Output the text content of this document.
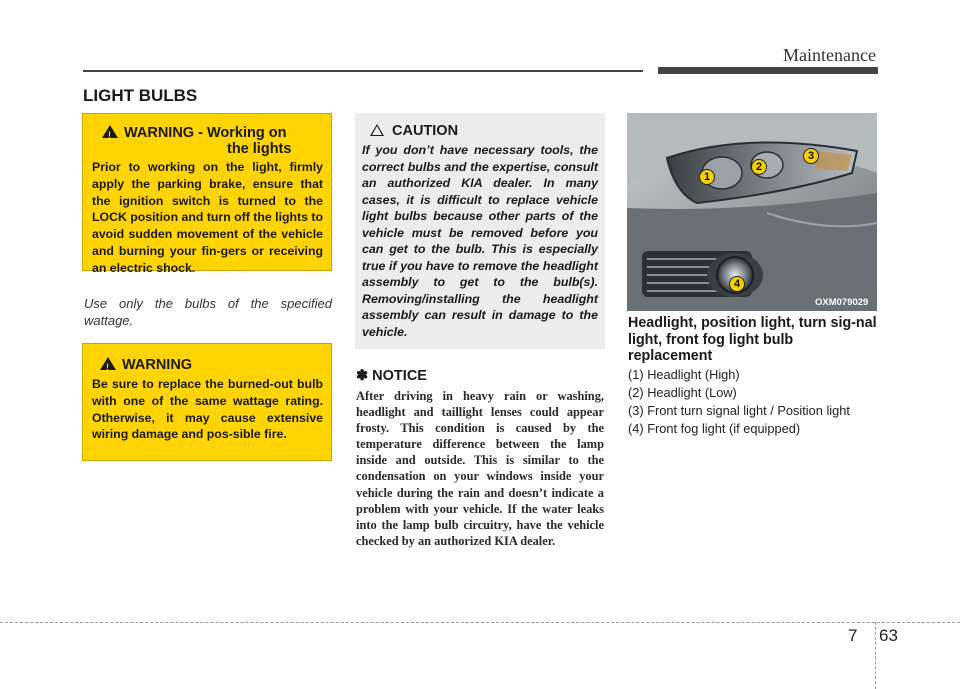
Maintenance
LIGHT BULBS
!WARNING - Working on
the lights
Prior to working on the light, firmly apply the parking brake, ensure that the ignition switch is turned to the LOCK position and turn off the lights to avoid sudden movement of the vehicle and burning your fin-gers or receiving an electric shock.
Use only the bulbs of the specified wattage.
!WARNING
Be sure to replace the burned-out bulb with one of the same wattage rating. Otherwise, it may cause extensive wiring damage and pos-sible fire.
CAUTION
If you don’t have necessary tools, the correct bulbs and the expertise, consult an authorized KIA dealer. In many cases, it is difficult to replace vehicle light bulbs because other parts of the vehicle must be removed before you can get to the bulb. This is especially true if you have to remove the headlight assembly to get to the bulb(s). Removing/installing the headlight assembly can result in damage to the vehicle.
✽ NOTICE
After driving in heavy rain or washing, headlight and taillight lenses could appear frosty. This condition is caused by the temperature difference between the lamp inside and outside. This is similar to the condensation on your windows inside your vehicle during the rain and doesn’t indicate a problem with your vehicle. If the water leaks into the lamp bulb circuitry, have the vehicle checked by an authorized KIA dealer.
1
2
3
4
OXM079029
Headlight, position light, turn sig-nal light, front fog light bulb replacement
(1) Headlight (High)
(2) Headlight (Low)
(3) Front turn signal light / Position light
(4) Front fog light (if equipped)
7 63
